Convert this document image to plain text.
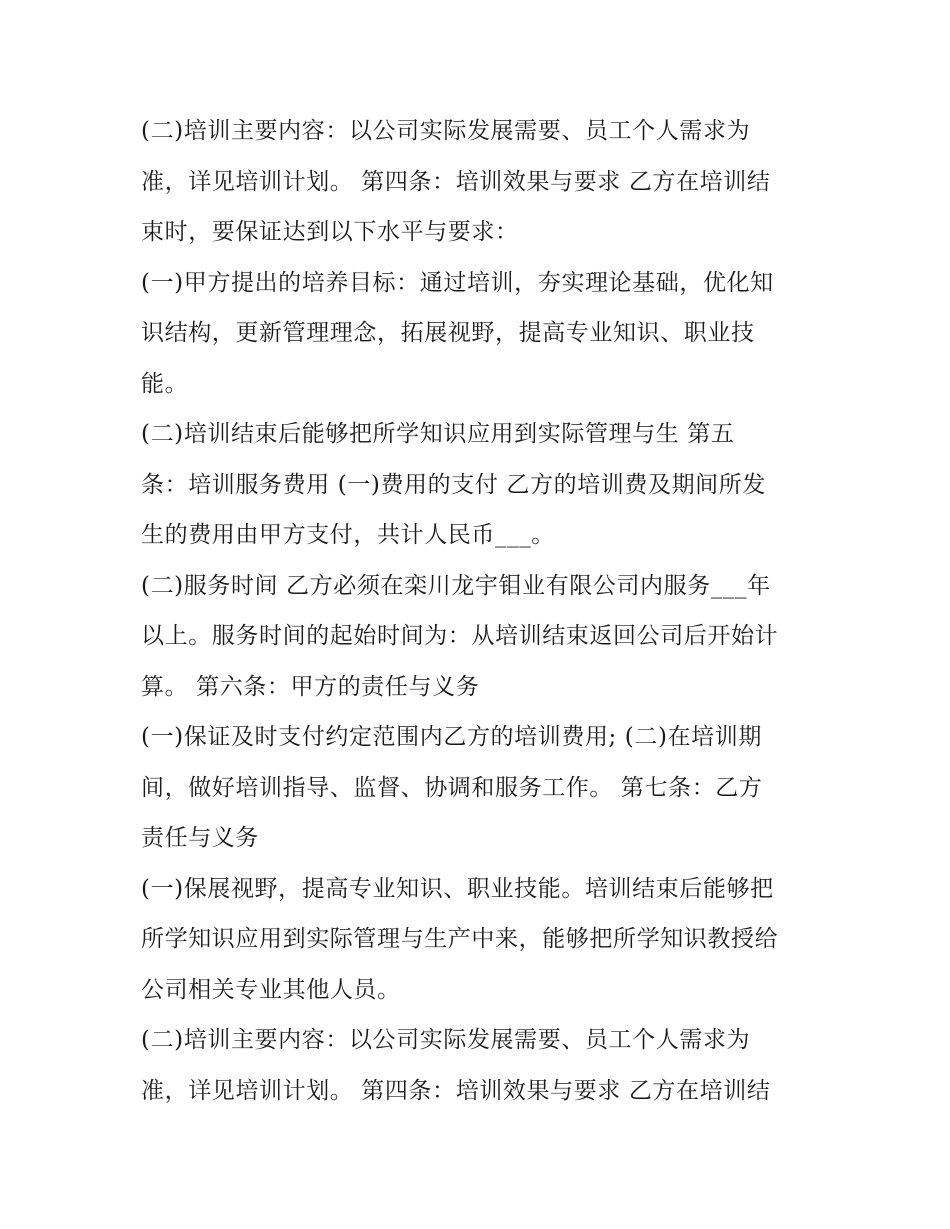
(二)培训主要内容：以公司实际发展需要、员工个人需求为
准，详见培训计划。 第四条：培训效果与要求 乙方在培训结
束时，要保证达到以下水平与要求：

(一)甲方提出的培养目标：通过培训，夯实理论基础，优化知
识结构，更新管理理念，拓展视野，提高专业知识、职业技
能。

(二)培训结束后能够把所学知识应用到实际管理与生 第五
条：培训服务费用 (一)费用的支付 乙方的培训费及期间所发
生的费用由甲方支付，共计人民币___。

(二)服务时间 乙方必须在栾川龙宇钼业有限公司内服务___年
以上。服务时间的起始时间为：从培训结束返回公司后开始计
算。 第六条：甲方的责任与义务

(一)保证及时支付约定范围内乙方的培训费用; (二)在培训期
间，做好培训指导、监督、协调和服务工作。 第七条：乙方
责任与义务

(一)保展视野，提高专业知识、职业技能。培训结束后能够把
所学知识应用到实际管理与生产中来，能够把所学知识教授给
公司相关专业其他人员。

(二)培训主要内容：以公司实际发展需要、员工个人需求为
准，详见培训计划。 第四条：培训效果与要求 乙方在培训结
